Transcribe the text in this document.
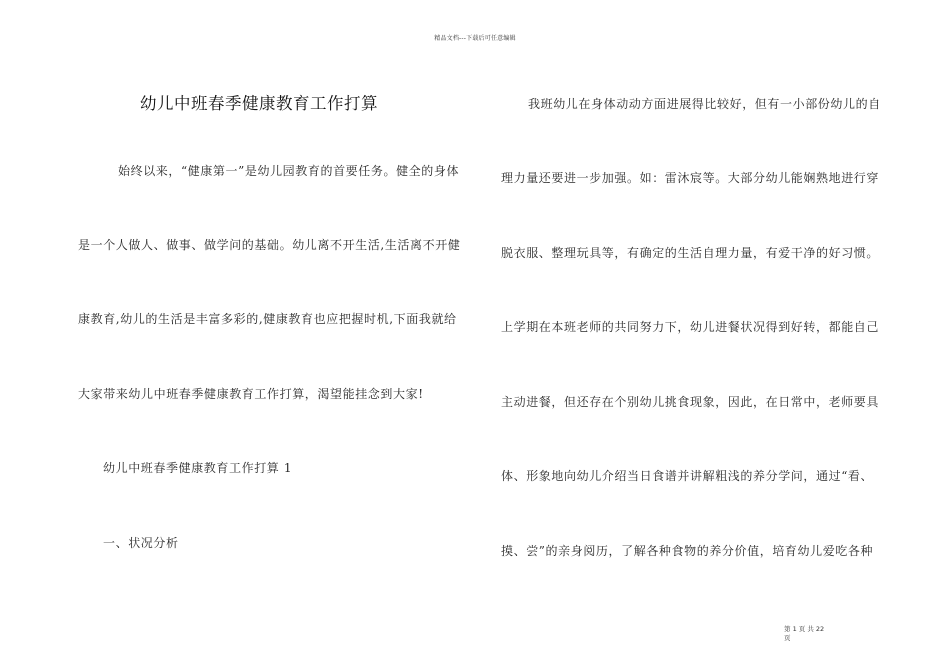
精品文档---下载后可任意编辑
幼儿中班春季健康教育工作打算
始终以来，“健康第一”是幼儿园教育的首要任务。健全的身体
是一个人做人、做事、做学问的基础。幼儿离不开生活,生活离不开健
康教育,幼儿的生活是丰富多彩的,健康教育也应把握时机,下面我就给
大家带来幼儿中班春季健康教育工作打算，渴望能挂念到大家!
幼儿中班春季健康教育工作打算 1
一、状况分析
我班幼儿在身体动动方面进展得比较好，但有一小部份幼儿的自
理力量还要进一步加强。如：雷沐宸等。大部分幼儿能娴熟地进行穿
脱衣服、整理玩具等，有确定的生活自理力量，有爱干净的好习惯。
上学期在本班老师的共同努力下，幼儿进餐状况得到好转，都能自己
主动进餐，但还存在个别幼儿挑食现象，因此，在日常中，老师要具
体、形象地向幼儿介绍当日食谱并讲解粗浅的养分学问，通过“看、
摸、尝”的亲身阅历，了解各种食物的养分价值，培育幼儿爱吃各种
第 1 页 共 22
页
